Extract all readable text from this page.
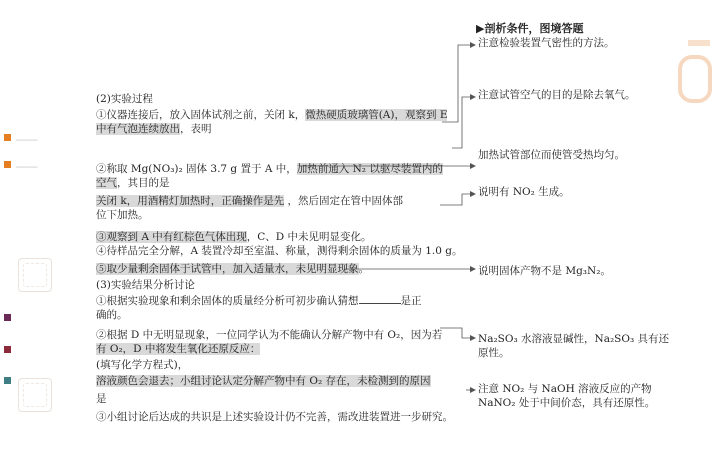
▁▁▁▁
▁▁▁▁
(2)实验过程
①仪器连接后，放入固体试剂之前，关闭 k，微热硬质玻璃管(A)，观察到 E
中有气泡连续放出，表明
②称取 Mg(NO₃)₂ 固体 3.7 g 置于 A 中，加热前通入 N₂ 以驱尽装置内的
空气，其目的是
关闭 k，用酒精灯加热时，正确操作是先 ，然后固定在管中固体部
位下加热。
③观察到 A 中有红棕色气体出现，C、D 中未见明显变化。
④待样品完全分解，A 装置冷却至室温、称量，测得剩余固体的质量为 1.0 g。
⑤取少量剩余固体于试管中，加入适量水，未见明显现象。
(3)实验结果分析讨论
①根据实验现象和剩余固体的质量经分析可初步确认猜想	是正
确的。
②根据 D 中无明显现象，一位同学认为不能确认分解产物中有 O₂，因为若
有 O₂，D 中将发生氧化还原反应：
(填写化学方程式)，
溶液颜色会退去；小组讨论认定分解产物中有 O₂ 存在，未检测到的原因
是
③小组讨论后达成的共识是上述实验设计仍不完善，需改进装置进一步研究。
▶剖析条件，图境答题
注意检验装置气密性的方法。
注意试管空气的目的是除去氧气。
加热试管部位而使管受热均匀。
说明有 NO₂ 生成。
说明固体产物不是 Mg₃N₂。
Na₂SO₃ 水溶液显碱性，Na₂SO₃ 具有还
原性。
注意 NO₂ 与 NaOH 溶液反应的产物
NaNO₂ 处于中间价态，具有还原性。
